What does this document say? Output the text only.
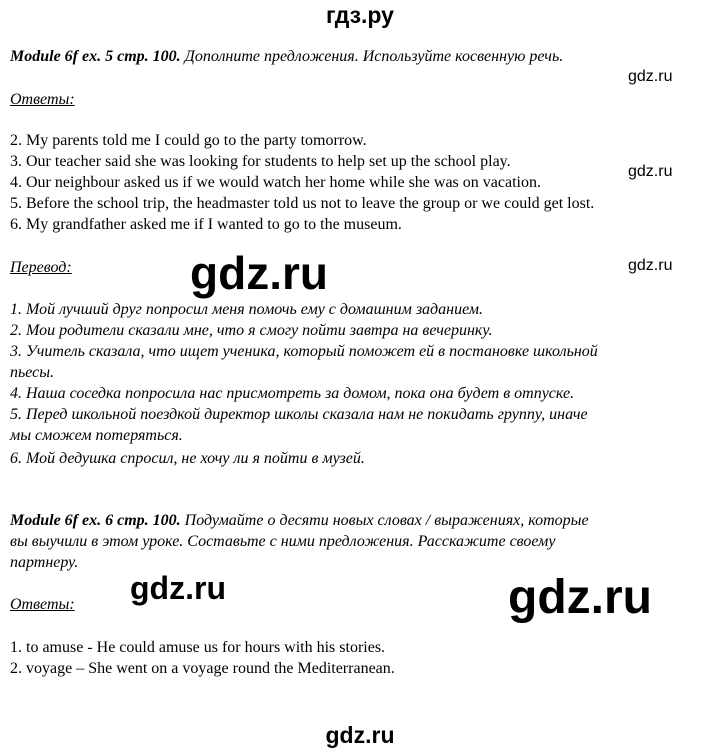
гдз.ру
Module 6f ex. 5 стр. 100. Дополните предложения. Используйте косвенную речь.
gdz.ru
Ответы:
2. My parents told me I could go to the party tomorrow.
3. Our teacher said she was looking for students to help set up the school play.
gdz.ru
4. Our neighbour asked us if we would watch her home while she was on vacation.
5. Before the school trip, the headmaster told us not to leave the group or we could get lost.
6. My grandfather asked me if I wanted to go to the museum.
Перевод:	gdz.ru	gdz.ru
1. Мой лучший друг попросил меня помочь ему с домашним заданием.
2. Мои родители сказали мне, что я смогу пойти завтра на вечеринку.
3. Учитель сказала, что ищет ученика, который поможет ей в постановке школьной
пьесы.
4. Наша соседка попросила нас присмотреть за домом, пока она будет в отпуске.
5. Перед школьной поездкой директор школы сказала нам не покидать группу, иначе
мы сможем потеряться.
6. Мой дедушка спросил, не хочу ли я пойти в музей.
Module 6f ex. 6 стр. 100. Подумайте о десяти новых словах / выражениях, которые
вы выучили в этом уроке. Составьте с ними предложения. Расскажите своему
партнеру.
gdz.ru	gdz.ru
Ответы:
1. to amuse - He could amuse us for hours with his stories.
2. voyage – She went on a voyage round the Mediterranean.
gdz.ru
